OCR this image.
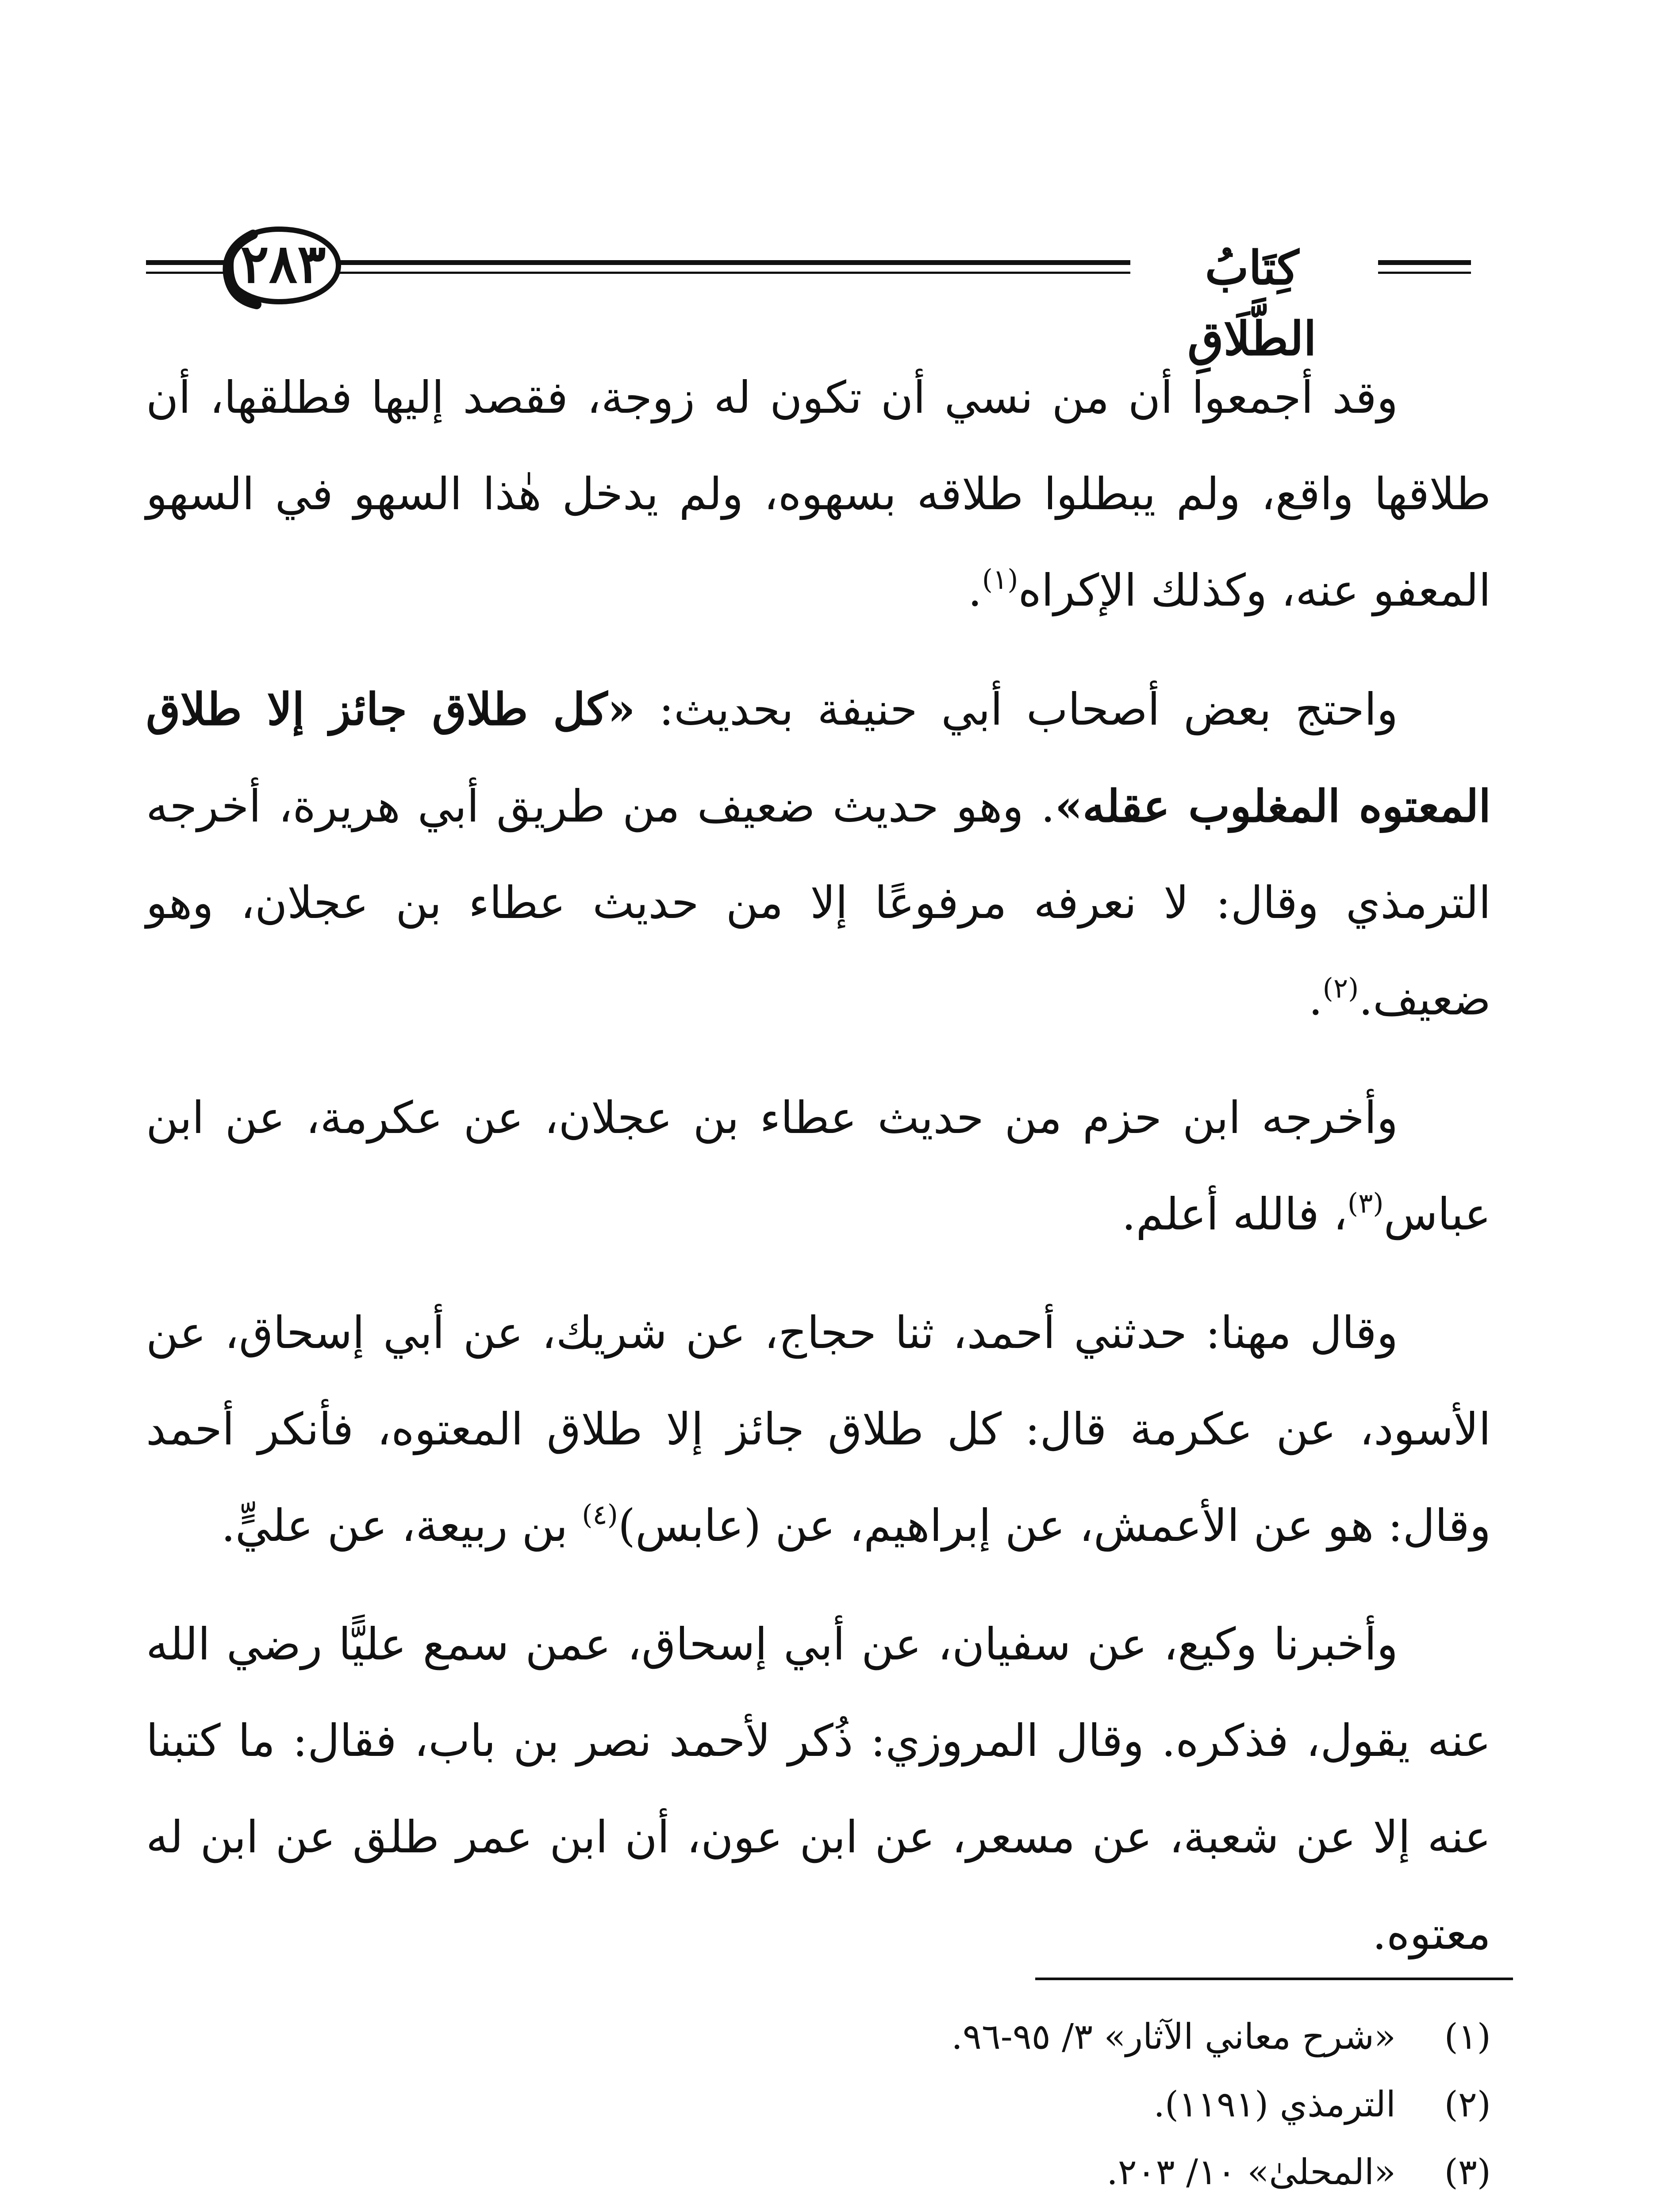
٢٨٣	كِتَابُ الطَّلَاقِ

وقد أجمعوا أن من نسي أن تكون له زوجة، فقصد إليها فطلقها، أن طلاقها واقع، ولم يبطلوا طلاقه بسهوه، ولم يدخل هٰذا السهو في السهو المعفو عنه، وكذلك الإكراه$^{(١)}$.

واحتج بعض أصحاب أبي حنيفة بحديث: «كل طلاق جائز إلا طلاق المعتوه المغلوب عقله». وهو حديث ضعيف من طريق أبي هريرة، أخرجه الترمذي وقال: لا نعرفه مرفوعًا إلا من حديث عطاء بن عجلان، وهو ضعيف.$^{(٢)}$.

وأخرجه ابن حزم من حديث عطاء بن عجلان، عن عكرمة، عن ابن عباس$^{(٣)}$، فالله أعلم.

وقال مهنا: حدثني أحمد، ثنا حجاج، عن شريك، عن أبي إسحاق، عن الأسود، عن عكرمة قال: كل طلاق جائز إلا طلاق المعتوه، فأنكر أحمد وقال: هو عن الأعمش، عن إبراهيم، عن (عابس)$^{(٤)}$ بن ربيعة، عن عليٍّ.

وأخبرنا وكيع، عن سفيان، عن أبي إسحاق، عمن سمع عليًّا رضي الله عنه يقول، فذكره. وقال المروزي: ذُكر لأحمد نصر بن باب، فقال: ما كتبنا عنه إلا عن شعبة، عن مسعر، عن ابن عون، أن ابن عمر طلق عن ابن له معتوه.

(١)
«شرح معاني الآثار» ٣/ ٩٥-٩٦.
(٢)
الترمذي (١١٩١).
(٣)
«المحلىٰ» ١٠/ ٢٠٣.
